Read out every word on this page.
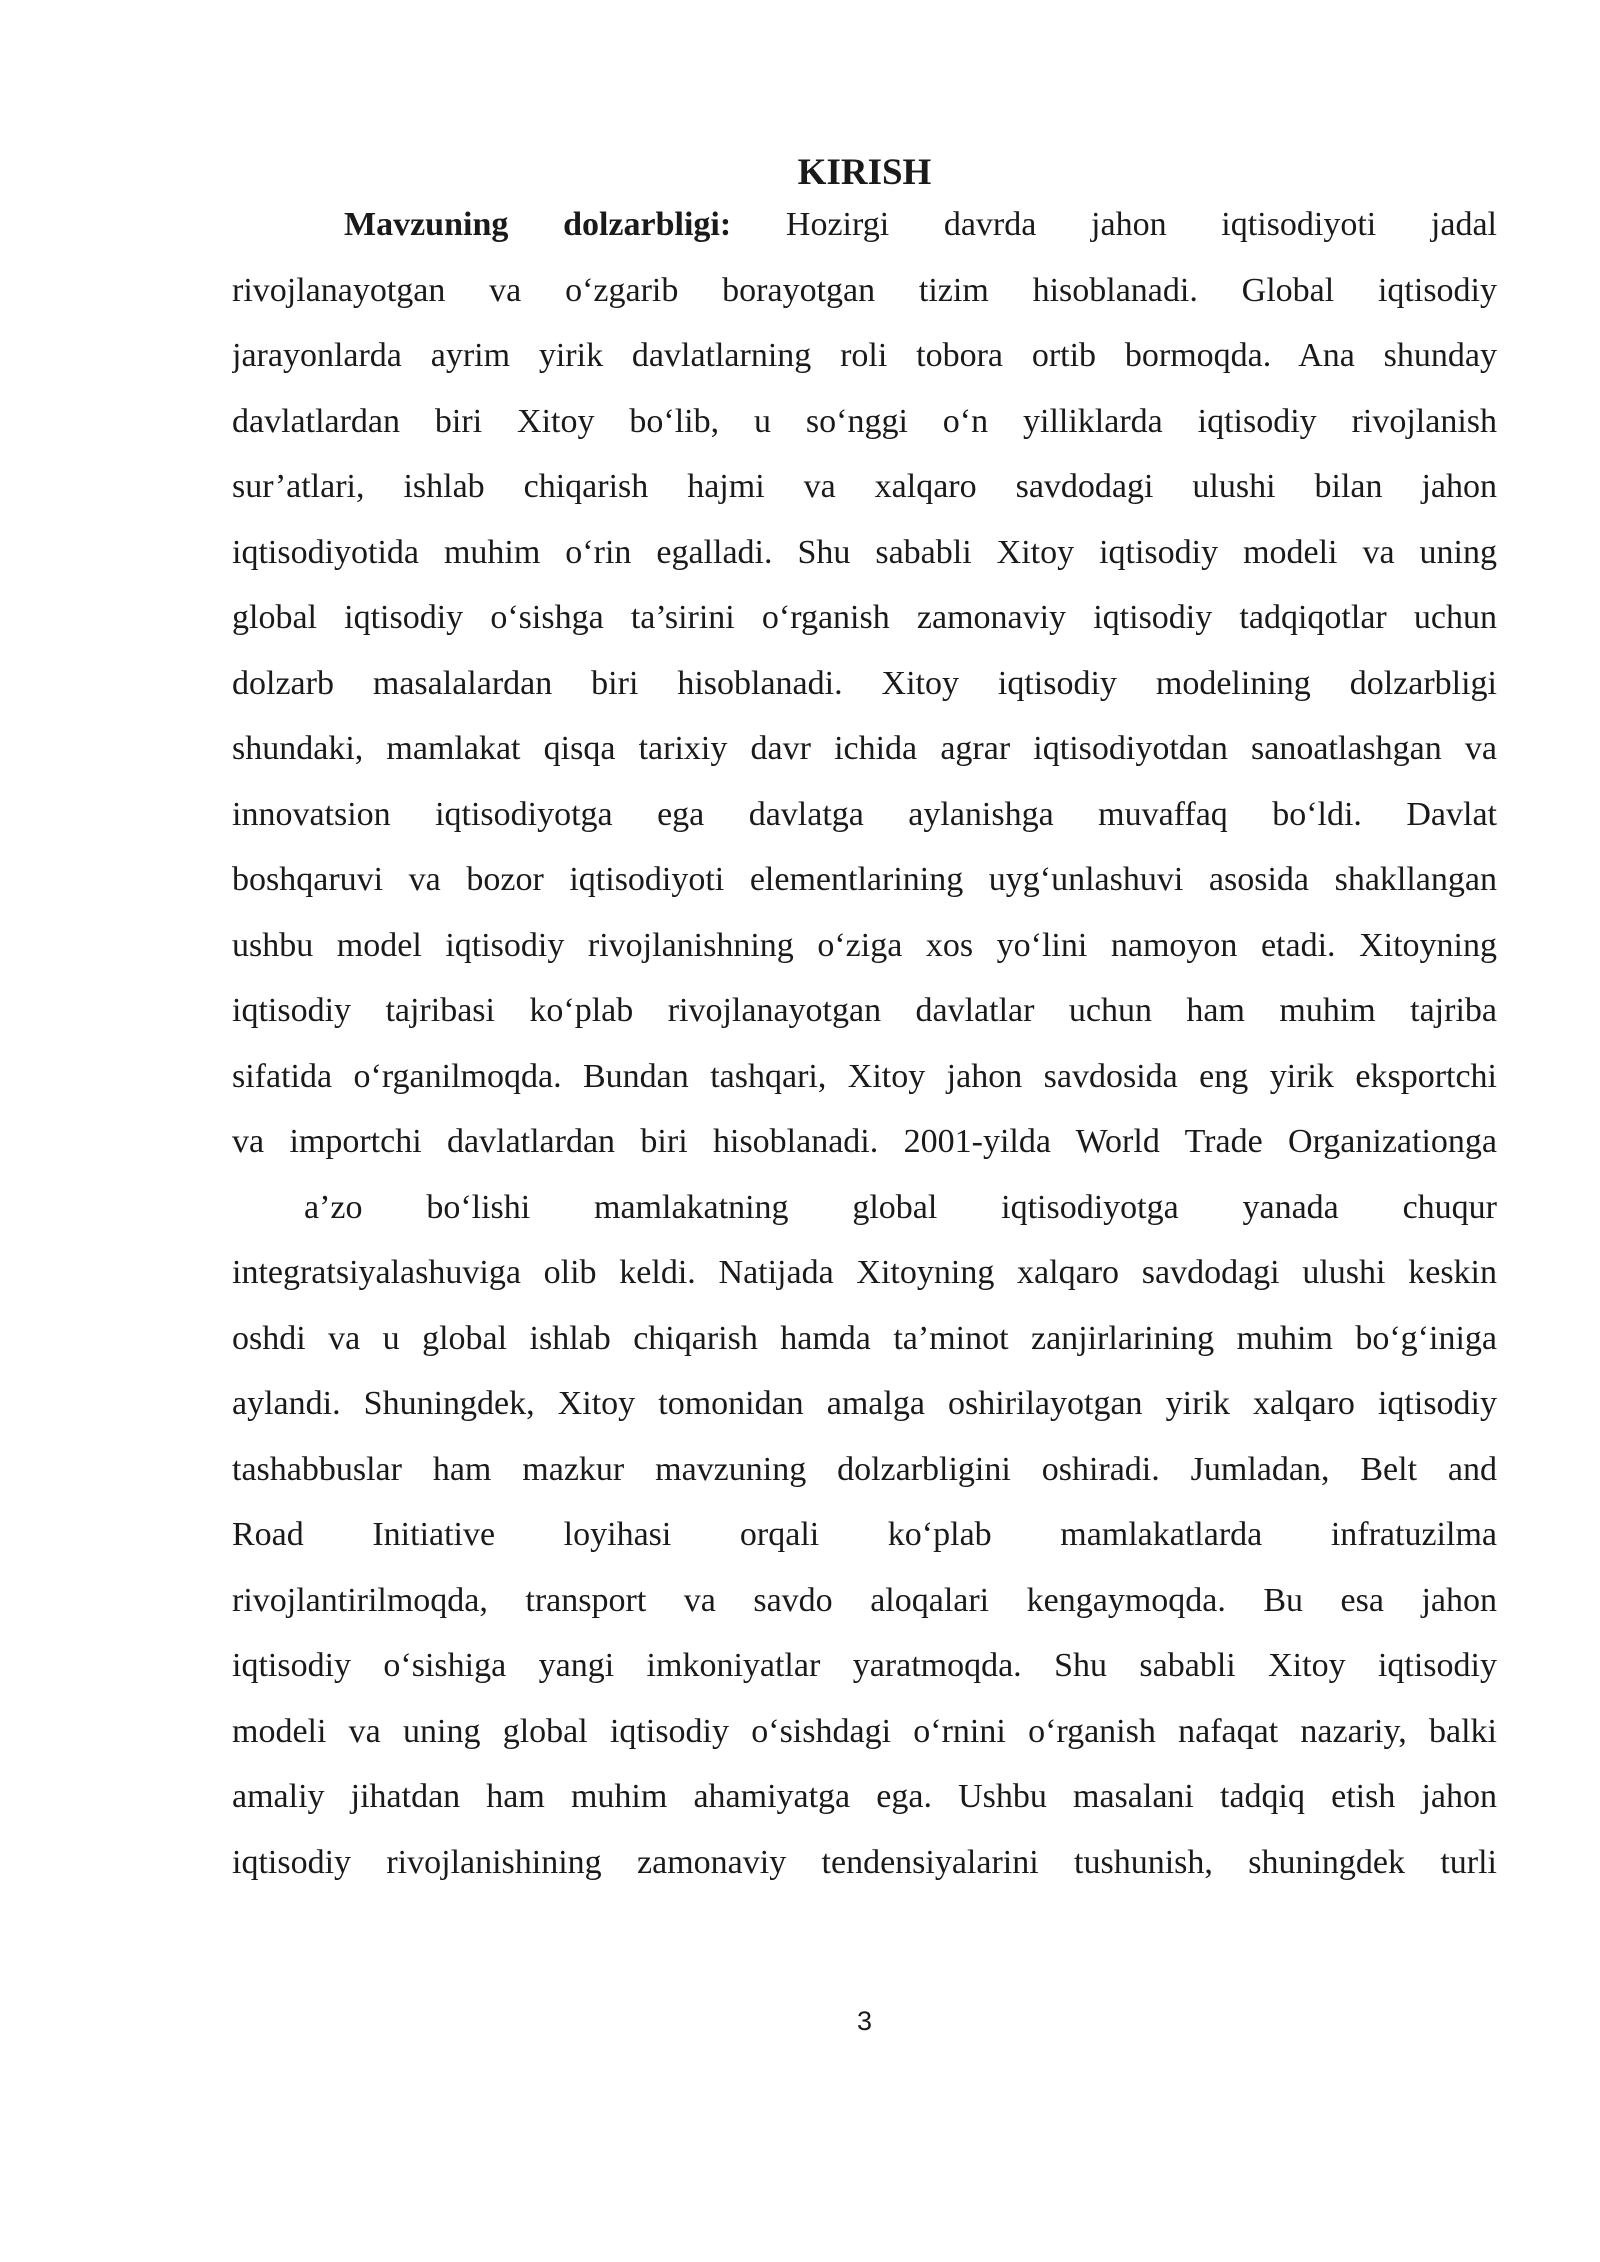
KIRISH
Mavzuning dolzarbligi: Hozirgi davrda jahon iqtisodiyoti jadal
rivojlanayotgan va o‘zgarib borayotgan tizim hisoblanadi. Global iqtisodiy
jarayonlarda ayrim yirik davlatlarning roli tobora ortib bormoqda. Ana shunday
davlatlardan biri Xitoy bo‘lib, u so‘nggi o‘n yilliklarda iqtisodiy rivojlanish
sur’atlari, ishlab chiqarish hajmi va xalqaro savdodagi ulushi bilan jahon
iqtisodiyotida muhim o‘rin egalladi. Shu sababli Xitoy iqtisodiy modeli va uning
global iqtisodiy o‘sishga ta’sirini o‘rganish zamonaviy iqtisodiy tadqiqotlar uchun
dolzarb masalalardan biri hisoblanadi. Xitoy iqtisodiy modelining dolzarbligi
shundaki, mamlakat qisqa tarixiy davr ichida agrar iqtisodiyotdan sanoatlashgan va
innovatsion iqtisodiyotga ega davlatga aylanishga muvaffaq bo‘ldi. Davlat
boshqaruvi va bozor iqtisodiyoti elementlarining uyg‘unlashuvi asosida shakllangan
ushbu model iqtisodiy rivojlanishning o‘ziga xos yo‘lini namoyon etadi. Xitoyning
iqtisodiy tajribasi ko‘plab rivojlanayotgan davlatlar uchun ham muhim tajriba
sifatida o‘rganilmoqda. Bundan tashqari, Xitoy jahon savdosida eng yirik eksportchi
va importchi davlatlardan biri hisoblanadi. 2001-yilda World Trade Organizationga
a’zo bo‘lishi mamlakatning global iqtisodiyotga yanada chuqur
integratsiyalashuviga olib keldi. Natijada Xitoyning xalqaro savdodagi ulushi keskin
oshdi va u global ishlab chiqarish hamda ta’minot zanjirlarining muhim bo‘g‘iniga
aylandi. Shuningdek, Xitoy tomonidan amalga oshirilayotgan yirik xalqaro iqtisodiy
tashabbuslar ham mazkur mavzuning dolzarbligini oshiradi. Jumladan, Belt and
Road Initiative loyihasi orqali ko‘plab mamlakatlarda infratuzilma
rivojlantirilmoqda, transport va savdo aloqalari kengaymoqda. Bu esa jahon
iqtisodiy o‘sishiga yangi imkoniyatlar yaratmoqda. Shu sababli Xitoy iqtisodiy
modeli va uning global iqtisodiy o‘sishdagi o‘rnini o‘rganish nafaqat nazariy, balki
amaliy jihatdan ham muhim ahamiyatga ega. Ushbu masalani tadqiq etish jahon
iqtisodiy rivojlanishining zamonaviy tendensiyalarini tushunish, shuningdek turli
3
